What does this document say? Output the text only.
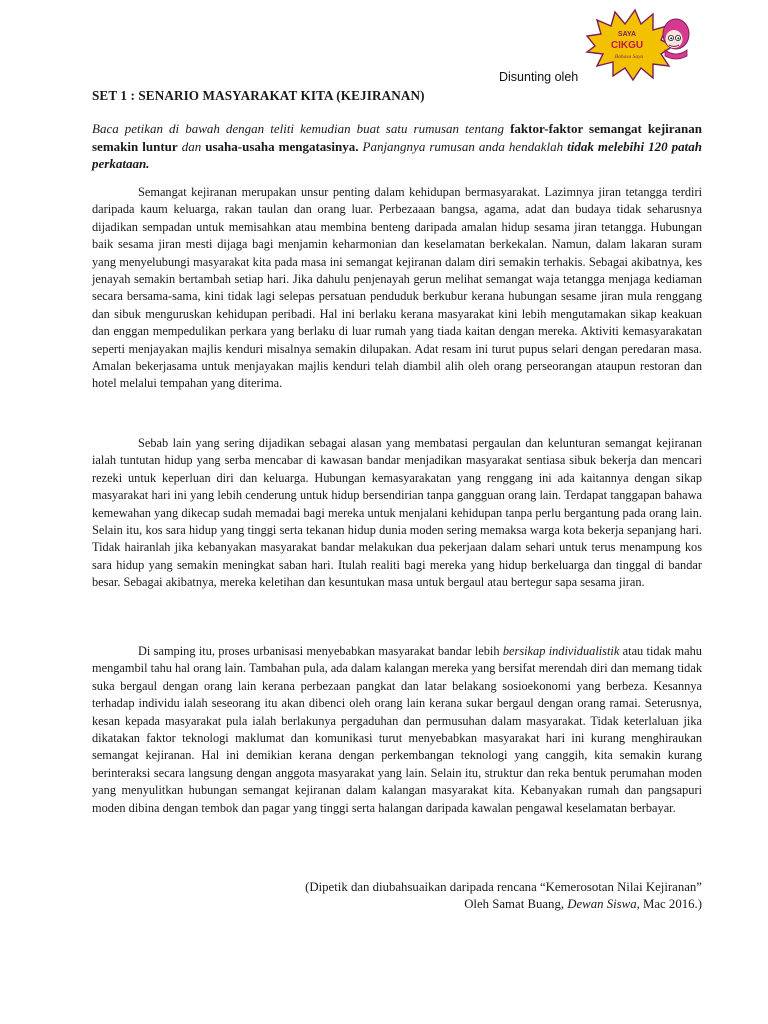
Disunting oleh
SAYA
CIKGU
Bahasa Saya
SET 1 : SENARIO MASYARAKAT KITA (KEJIRANAN)

Baca petikan di bawah dengan teliti kemudian buat satu rumusan tentang faktor-faktor semangat kejiranan semakin luntur dan usaha-usaha mengatasinya. Panjangnya rumusan anda hendaklah tidak melebihi 120 patah perkataan.

Semangat kejiranan merupakan unsur penting dalam kehidupan bermasyarakat. Lazimnya jiran tetangga terdiri daripada kaum keluarga, rakan taulan dan orang luar. Perbezaaan bangsa, agama, adat dan budaya tidak seharusnya dijadikan sempadan untuk memisahkan atau membina benteng daripada amalan hidup sesama jiran tetangga. Hubungan baik sesama jiran mesti dijaga bagi menjamin keharmonian dan keselamatan berkekalan. Namun, dalam lakaran suram yang menyelubungi masyarakat kita pada masa ini semangat kejiranan dalam diri semakin terhakis. Sebagai akibatnya, kes jenayah semakin bertambah setiap hari. Jika dahulu penjenayah gerun melihat semangat waja tetangga menjaga kediaman secara bersama-sama, kini tidak lagi selepas persatuan penduduk berkubur kerana hubungan sesame jiran mula renggang dan sibuk menguruskan kehidupan peribadi. Hal ini berlaku kerana masyarakat kini lebih mengutamakan sikap keakuan dan enggan mempedulikan perkara yang berlaku di luar rumah yang tiada kaitan dengan mereka. Aktiviti kemasyarakatan seperti menjayakan majlis kenduri misalnya semakin dilupakan. Adat resam ini turut pupus selari dengan peredaran masa. Amalan bekerjasama untuk menjayakan majlis kenduri telah diambil alih oleh orang perseorangan ataupun restoran dan hotel melalui tempahan yang diterima.

Sebab lain yang sering dijadikan sebagai alasan yang membatasi pergaulan dan kelunturan semangat kejiranan ialah tuntutan hidup yang serba mencabar di kawasan bandar menjadikan masyarakat sentiasa sibuk bekerja dan mencari rezeki untuk keperluan diri dan keluarga. Hubungan kemasyarakatan yang renggang ini ada kaitannya dengan sikap masyarakat hari ini yang lebih cenderung untuk hidup bersendirian tanpa gangguan orang lain. Terdapat tanggapan bahawa kemewahan yang dikecap sudah memadai bagi mereka untuk menjalani kehidupan tanpa perlu bergantung pada orang lain. Selain itu, kos sara hidup yang tinggi serta tekanan hidup dunia moden sering memaksa warga kota bekerja sepanjang hari. Tidak hairanlah jika kebanyakan masyarakat bandar melakukan dua pekerjaan dalam sehari untuk terus menampung kos sara hidup yang semakin meningkat saban hari. Itulah realiti bagi mereka yang hidup berkeluarga dan tinggal di bandar besar. Sebagai akibatnya, mereka keletihan dan kesuntukan masa untuk bergaul atau bertegur sapa sesama jiran.

Di samping itu, proses urbanisasi menyebabkan masyarakat bandar lebih bersikap individualistik atau tidak mahu mengambil tahu hal orang lain. Tambahan pula, ada dalam kalangan mereka yang bersifat merendah diri dan memang tidak suka bergaul dengan orang lain kerana perbezaan pangkat dan latar belakang sosioekonomi yang berbeza. Kesannya terhadap individu ialah seseorang itu akan dibenci oleh orang lain kerana sukar bergaul dengan orang ramai. Seterusnya, kesan kepada masyarakat pula ialah berlakunya pergaduhan dan permusuhan dalam masyarakat. Tidak keterlaluan jika dikatakan faktor teknologi maklumat dan komunikasi turut menyebabkan masyarakat hari ini kurang menghiraukan semangat kejiranan. Hal ini demikian kerana dengan perkembangan teknologi yang canggih, kita semakin kurang berinteraksi secara langsung dengan anggota masyarakat yang lain. Selain itu, struktur dan reka bentuk perumahan moden yang menyulitkan hubungan semangat kejiranan dalam kalangan masyarakat kita. Kebanyakan rumah dan pangsapuri moden dibina dengan tembok dan pagar yang tinggi serta halangan daripada kawalan pengawal keselamatan berbayar.

(Dipetik dan diubahsuaikan daripada rencana “Kemerosotan Nilai Kejiranan”
Oleh Samat Buang, Dewan Siswa, Mac 2016.)
